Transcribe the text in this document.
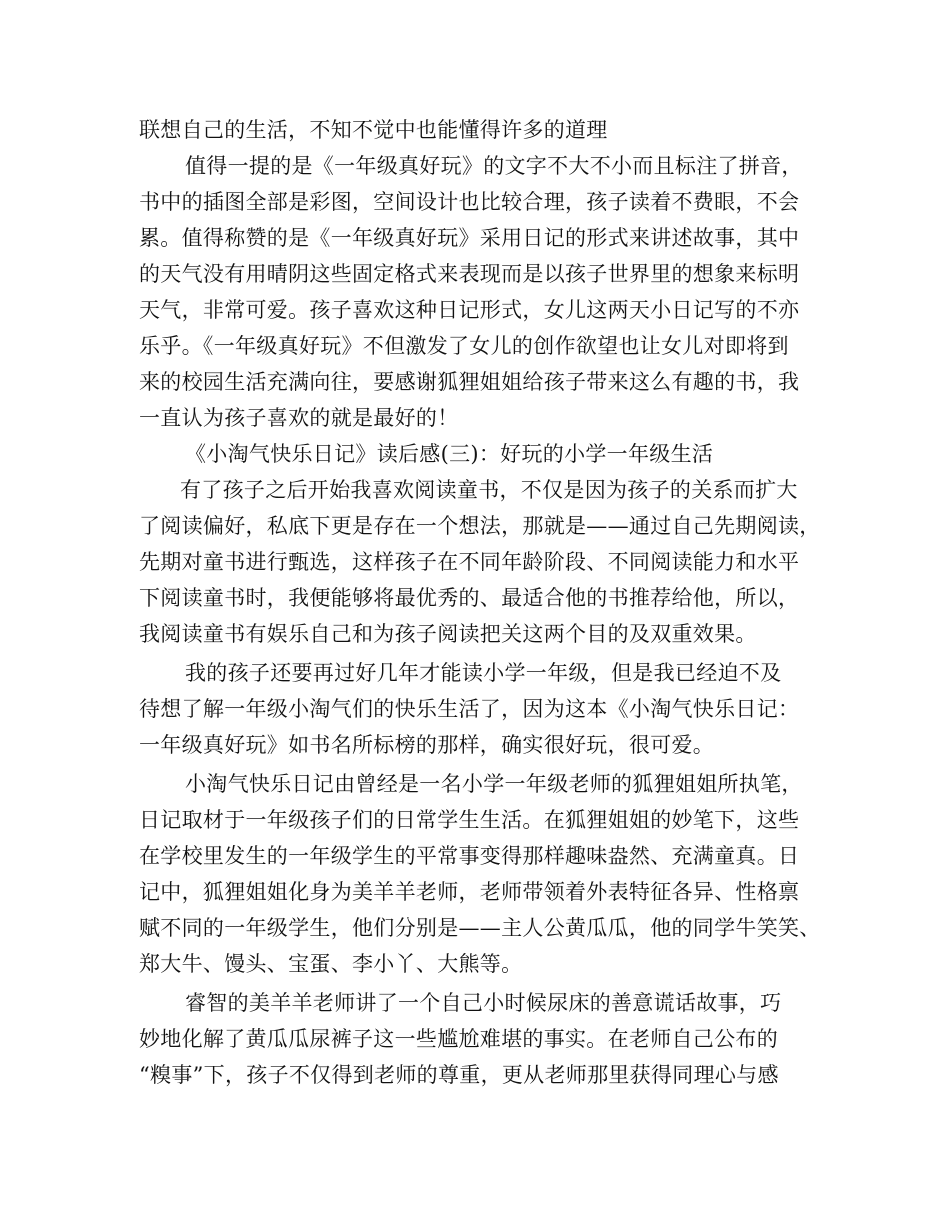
联想自己的生活，不知不觉中也能懂得许多的道理

值得一提的是《一年级真好玩》的文字不大不小而且标注了拼音，

书中的插图全部是彩图，空间设计也比较合理，孩子读着不费眼，不会

累。值得称赞的是《一年级真好玩》采用日记的形式来讲述故事，其中

的天气没有用晴阴这些固定格式来表现而是以孩子世界里的想象来标明

天气，非常可爱。孩子喜欢这种日记形式，女儿这两天小日记写的不亦

乐乎。《一年级真好玩》不但激发了女儿的创作欲望也让女儿对即将到

来的校园生活充满向往，要感谢狐狸姐姐给孩子带来这么有趣的书，我

一直认为孩子喜欢的就是最好的！

《小淘气快乐日记》读后感(三)：好玩的小学一年级生活

有了孩子之后开始我喜欢阅读童书，不仅是因为孩子的关系而扩大

了阅读偏好，私底下更是存在一个想法，那就是——通过自己先期阅读，

先期对童书进行甄选，这样孩子在不同年龄阶段、不同阅读能力和水平

下阅读童书时，我便能够将最优秀的、最适合他的书推荐给他，所以，

我阅读童书有娱乐自己和为孩子阅读把关这两个目的及双重效果。

我的孩子还要再过好几年才能读小学一年级，但是我已经迫不及

待想了解一年级小淘气们的快乐生活了，因为这本《小淘气快乐日记：

一年级真好玩》如书名所标榜的那样，确实很好玩，很可爱。

小淘气快乐日记由曾经是一名小学一年级老师的狐狸姐姐所执笔，

日记取材于一年级孩子们的日常学生生活。在狐狸姐姐的妙笔下，这些

在学校里发生的一年级学生的平常事变得那样趣味盎然、充满童真。日

记中，狐狸姐姐化身为美羊羊老师，老师带领着外表特征各异、性格禀

赋不同的一年级学生，他们分别是——主人公黄瓜瓜，他的同学牛笑笑、

郑大牛、馒头、宝蛋、李小丫、大熊等。

睿智的美羊羊老师讲了一个自己小时候尿床的善意谎话故事，巧

妙地化解了黄瓜瓜尿裤子这一些尴尬难堪的事实。在老师自己公布的

“糗事”下，孩子不仅得到老师的尊重，更从老师那里获得同理心与感
